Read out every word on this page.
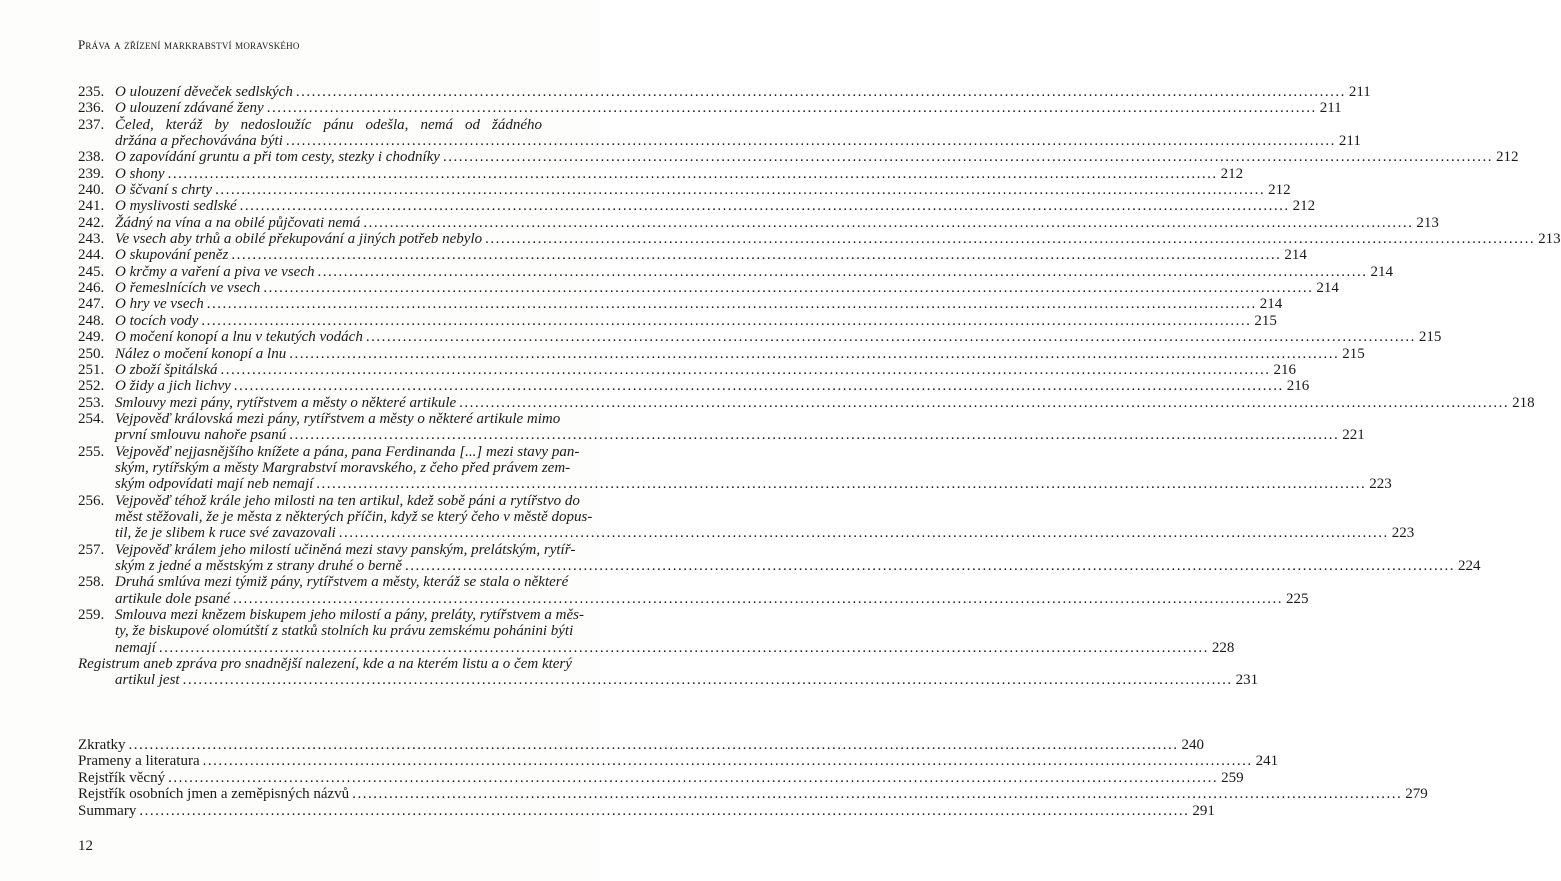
Práva a zřízení markrabství moravského
235. O ulouzení děveček sedlských ........................................................................................................................................................................................................ 211
236. O ulouzení zdávané ženy ........................................................................................................................................................................................................ 211
237. Čeled, kteráž by nedosloužíc pánu odešla, nemá od žádného
držána a přechovávána býti ........................................................................................................................................................................................................ 211
238. O zapovídání gruntu a při tom cesty, stezky i chodníky ........................................................................................................................................................................................................ 212
239. O shony ........................................................................................................................................................................................................ 212
240. O ščvaní s chrty ........................................................................................................................................................................................................ 212
241. O myslivosti sedlské ........................................................................................................................................................................................................ 212
242. Žádný na vína a na obilé půjčovati nemá ........................................................................................................................................................................................................ 213
243. Ve vsech aby trhů a obilé překupování a jiných potřeb nebylo ........................................................................................................................................................................................................ 213
244. O skupování peněz ........................................................................................................................................................................................................ 214
245. O krčmy a vaření a piva ve vsech ........................................................................................................................................................................................................ 214
246. O řemeslnících ve vsech ........................................................................................................................................................................................................ 214
247. O hry ve vsech ........................................................................................................................................................................................................ 214
248. O tocích vody ........................................................................................................................................................................................................ 215
249. O močení konopí a lnu v tekutých vodách ........................................................................................................................................................................................................ 215
250. Nález o močení konopí a lnu ........................................................................................................................................................................................................ 215
251. O zboží špitálská ........................................................................................................................................................................................................ 216
252. O židy a jich lichvy ........................................................................................................................................................................................................ 216
253. Smlouvy mezi pány, rytířstvem a městy o některé artikule ........................................................................................................................................................................................................ 218
254. Vejpověď královská mezi pány, rytířstvem a městy o některé artikule mimo
první smlouvu nahoře psanú ........................................................................................................................................................................................................ 221
255. Vejpověď nejjasnějšího knížete a pána, pana Ferdinanda [...] mezi stavy pan-
ským, rytířským a městy Margrabství moravského, z čeho před právem zem-
ským odpovídati mají neb nemají ........................................................................................................................................................................................................ 223
256. Vejpověď téhož krále jeho milosti na ten artikul, kdež sobě páni a rytířstvo do
měst stěžovali, že je města z některých příčin, když se který čeho v městě dopus-
til, že je slibem k ruce své zavazovali ........................................................................................................................................................................................................ 223
257. Vejpověď králem jeho milostí učiněná mezi stavy panským, prelátským, rytíř-
ským z jedné a městským z strany druhé o berně ........................................................................................................................................................................................................ 224
258. Druhá smlúva mezi týmiž pány, rytířstvem a městy, kteráž se stala o některé
artikule dole psané ........................................................................................................................................................................................................ 225
259. Smlouva mezi knězem biskupem jeho milostí a pány, preláty, rytířstvem a měs-
ty, že biskupové olomútští z statků stolních ku právu zemskému pohánini býti
nemají ........................................................................................................................................................................................................ 228
Registrum aneb zpráva pro snadnější nalezení, kde a na kterém listu a o čem který
artikul jest ........................................................................................................................................................................................................ 231
Zkratky ........................................................................................................................................................................................................ 240
Prameny a literatura ........................................................................................................................................................................................................ 241
Rejstřík věcný ........................................................................................................................................................................................................ 259
Rejstřík osobních jmen a zeměpisných názvů ........................................................................................................................................................................................................ 279
Summary ........................................................................................................................................................................................................ 291
12
